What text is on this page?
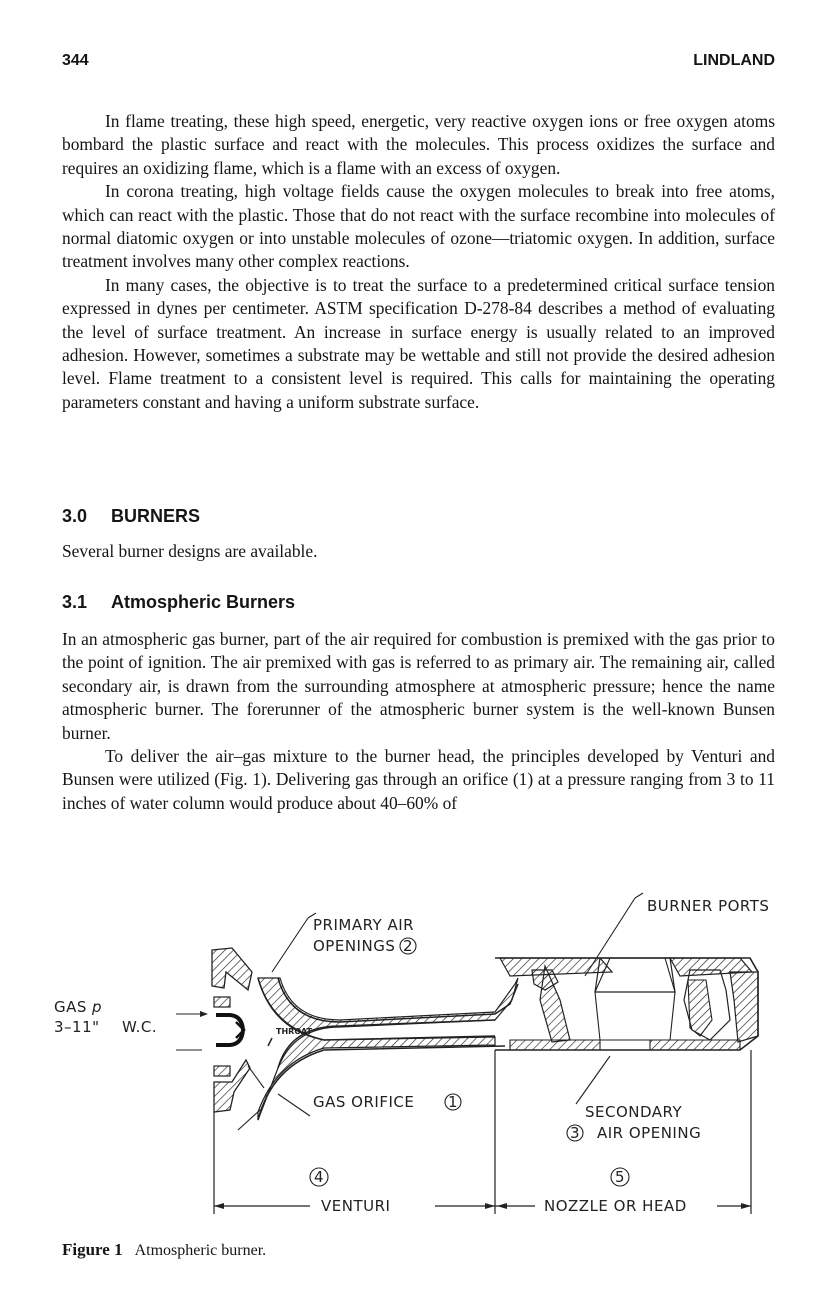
344	LINDLAND

In flame treating, these high speed, energetic, very reactive oxygen ions or free oxygen atoms bombard the plastic surface and react with the molecules. This process oxidizes the surface and requires an oxidizing flame, which is a flame with an excess of oxygen.

In corona treating, high voltage fields cause the oxygen molecules to break into free atoms, which can react with the plastic. Those that do not react with the surface recombine into molecules of normal diatomic oxygen or into unstable molecules of ozone—triatomic oxygen. In addition, surface treatment involves many other complex reactions.

In many cases, the objective is to treat the surface to a predetermined critical surface tension expressed in dynes per centimeter. ASTM specification D-278-84 describes a method of evaluating the level of surface treatment. An increase in surface energy is usually related to an improved adhesion. However, sometimes a substrate may be wettable and still not provide the desired adhesion level. Flame treatment to a consistent level is required. This calls for maintaining the operating parameters constant and having a uniform substrate surface.

3.0 BURNERS

Several burner designs are available.

3.1 Atmospheric Burners

In an atmospheric gas burner, part of the air required for combustion is premixed with the gas prior to the point of ignition. The air premixed with gas is referred to as primary air. The remaining air, called secondary air, is drawn from the surrounding atmosphere at atmospheric pressure; hence the name atmospheric burner. The forerunner of the atmospheric burner system is the well-known Bunsen burner.

To deliver the air–gas mixture to the burner head, the principles developed by Venturi and Bunsen were utilized (Fig. 1). Delivering gas through an orifice (1) at a pressure ranging from 3 to 11 inches of water column would produce about 40–60% of

BURNER PORTS
PRIMARY AIR
OPENINGS 2
GAS p
3–11" W.C.	THROAT
GAS ORIFICE 1
SECONDARY
3 AIR OPENING
4
VENTURI
5
NOZZLE OR HEAD
Figure 1 Atmospheric burner.
